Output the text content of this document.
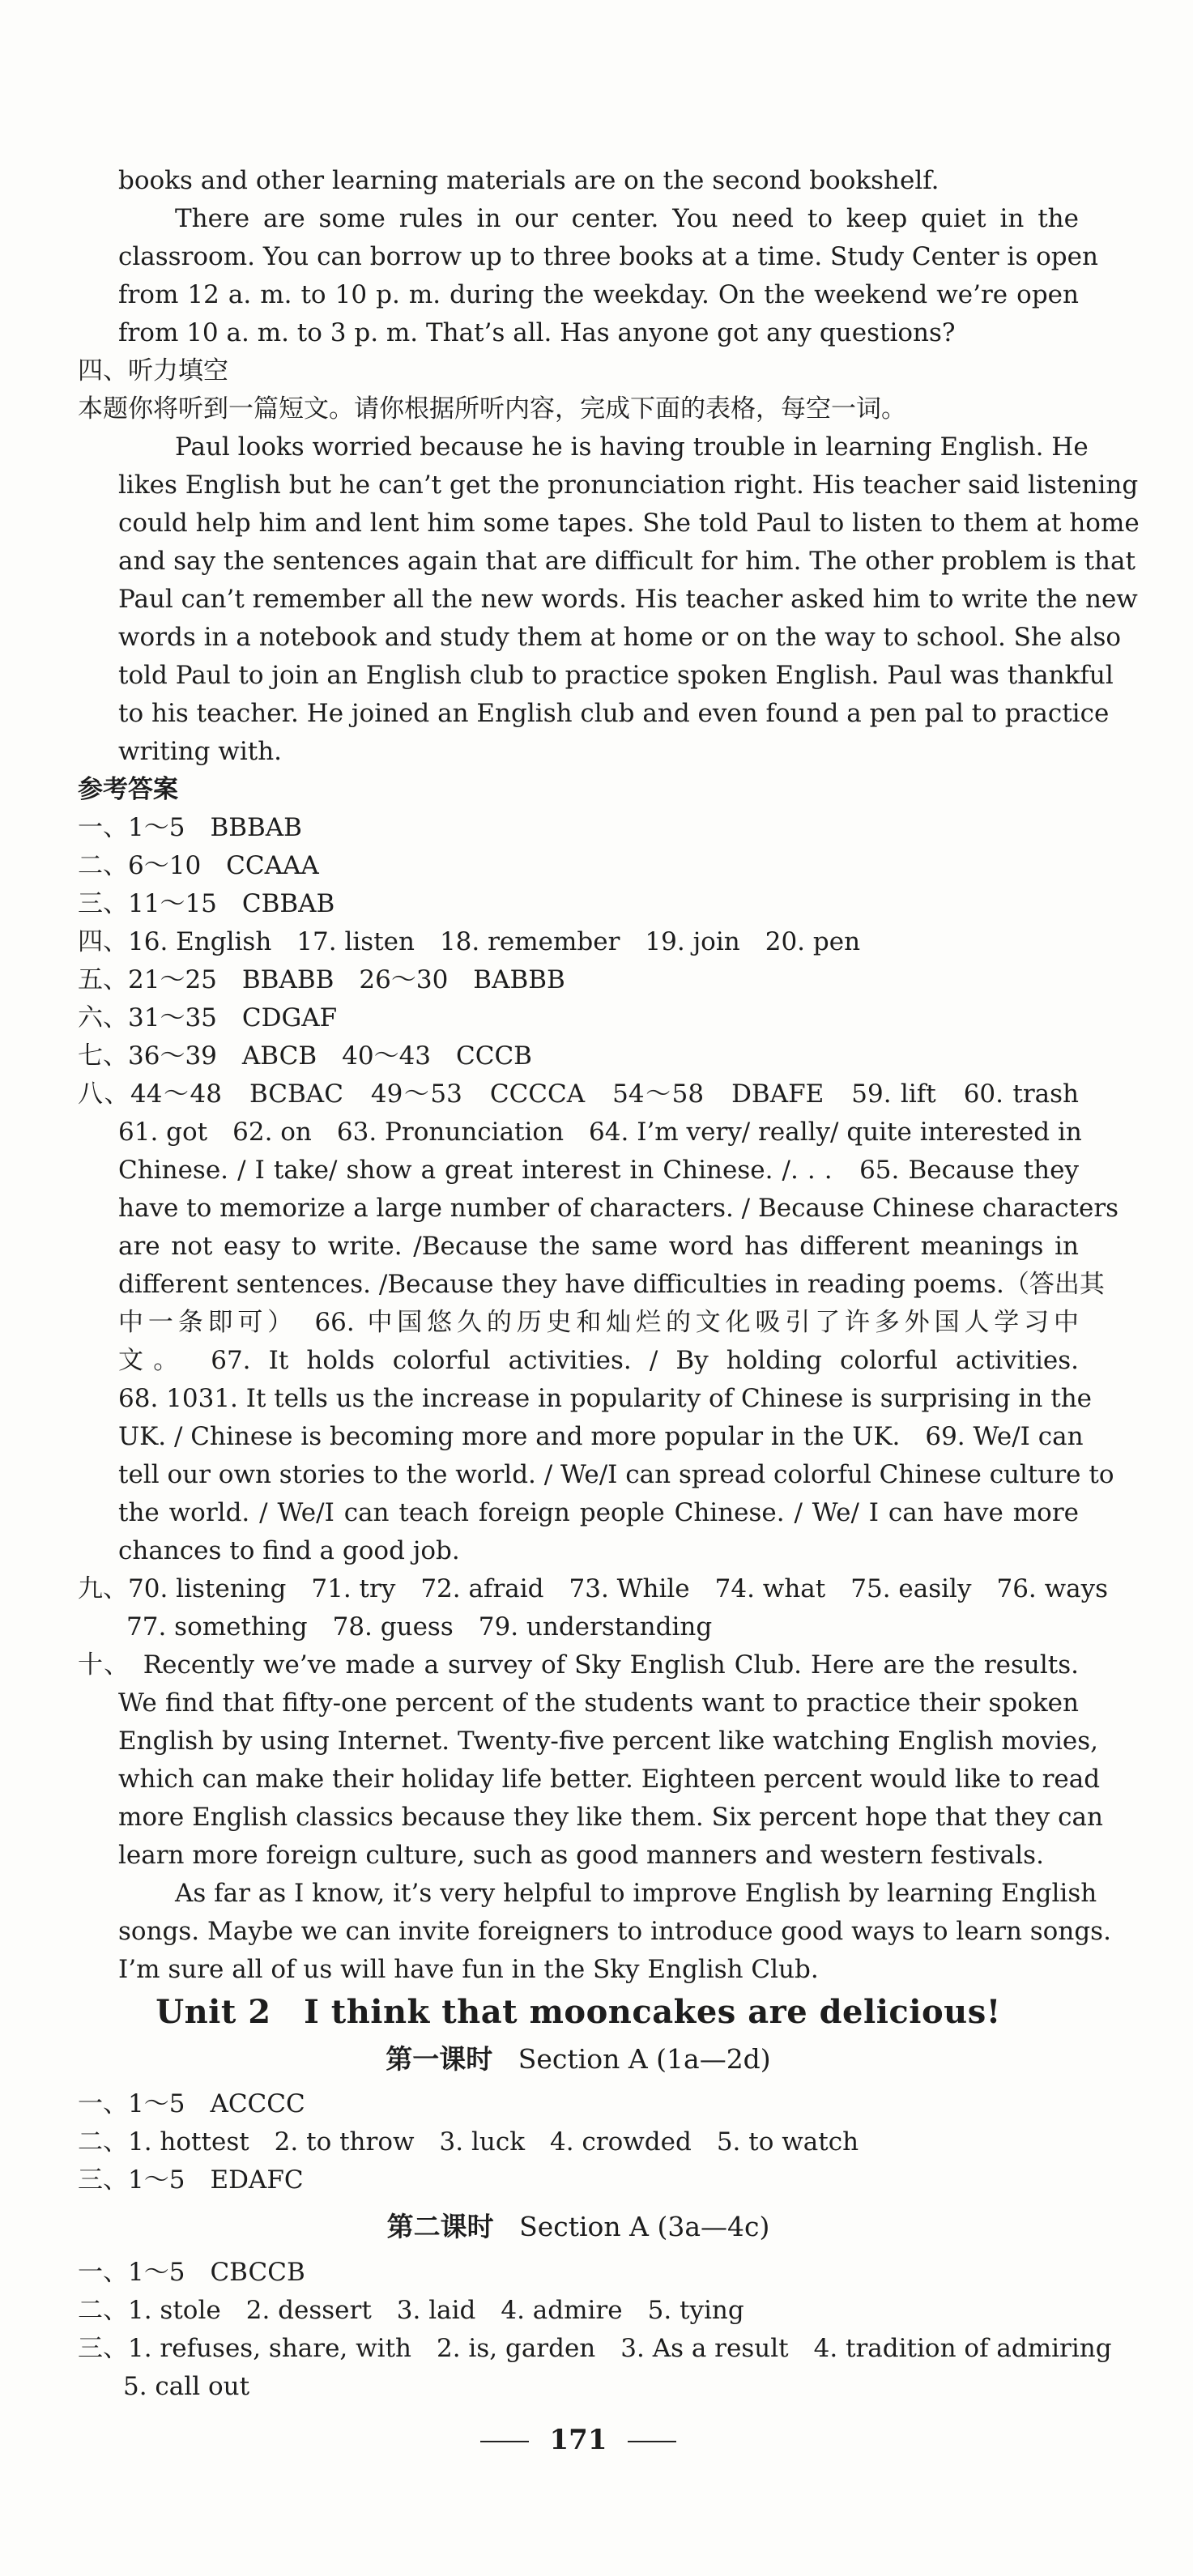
books and other learning materials are on the second bookshelf.
There are some rules in our center. You need to keep quiet in the
classroom. You can borrow up to three books at a time. Study Center is open
from 12 a. m. to 10 p. m. during the weekday. On the weekend we’re open
from 10 a. m. to 3 p. m. That’s all. Has anyone got any questions?
四、听力填空
本题你将听到一篇短文。请你根据所听内容，完成下面的表格，每空一词。
Paul looks worried because he is having trouble in learning English. He
likes English but he can’t get the pronunciation right. His teacher said listening
could help him and lent him some tapes. She told Paul to listen to them at home
and say the sentences again that are difficult for him. The other problem is that
Paul can’t remember all the new words. His teacher asked him to write the new
words in a notebook and study them at home or on the way to school. She also
told Paul to join an English club to practice spoken English. Paul was thankful
to his teacher. He joined an English club and even found a pen pal to practice
writing with.
参考答案
一、1～5　BBBAB
二、6～10　CCAAA
三、11～15　CBBAB
四、16. English　17. listen　18. remember　19. join　20. pen
五、21～25　BBABB　26～30　BABBB
六、31～35　CDGAF
七、36～39　ABCB　40～43　CCCB
八、44～48　BCBAC　49～53　CCCCA　54～58　DBAFE　59. lift　60. trash
61. got　62. on　63. Pronunciation　64. I’m very/ really/ quite interested in
Chinese. / I take/ show a great interest in Chinese. /. . .　65. Because they
have to memorize a large number of characters. / Because Chinese characters
are not easy to write. /Because the same word has different meanings in
different sentences. /Because they have difficulties in reading poems.（答出其
中一条即可）　66. 中国悠久的历史和灿烂的文化吸引了许多外国人学习中
文。　67. It holds colorful activities. / By holding colorful activities.
68. 1031. It tells us the increase in popularity of Chinese is surprising in the
UK. / Chinese is becoming more and more popular in the UK.　69. We/I can
tell our own stories to the world. / We/I can spread colorful Chinese culture to
the world. / We/I can teach foreign people Chinese. / We/ I can have more
chances to find a good job.
九、70. listening　71. try　72. afraid　73. While　74. what　75. easily　76. ways
77. something　78. guess　79. understanding
十、　Recently we’ve made a survey of Sky English Club. Here are the results.
We find that fifty-one percent of the students want to practice their spoken
English by using Internet. Twenty-five percent like watching English movies,
which can make their holiday life better. Eighteen percent would like to read
more English classics because they like them. Six percent hope that they can
learn more foreign culture, such as good manners and western festivals.
As far as I know, it’s very helpful to improve English by learning English
songs. Maybe we can invite foreigners to introduce good ways to learn songs.
I’m sure all of us will have fun in the Sky English Club.
Unit 2　I think that mooncakes are delicious!
第一课时 Section A (1a—2d)
一、1～5　ACCCC
二、1. hottest　2. to throw　3. luck　4. crowded　5. to watch
三、1～5　EDAFC
第二课时 Section A (3a—4c)
一、1～5　CBCCB
二、1. stole　2. dessert　3. laid　4. admire　5. tying
三、1. refuses, share, with　2. is, garden　3. As a result　4. tradition of admiring
5. call out
171
